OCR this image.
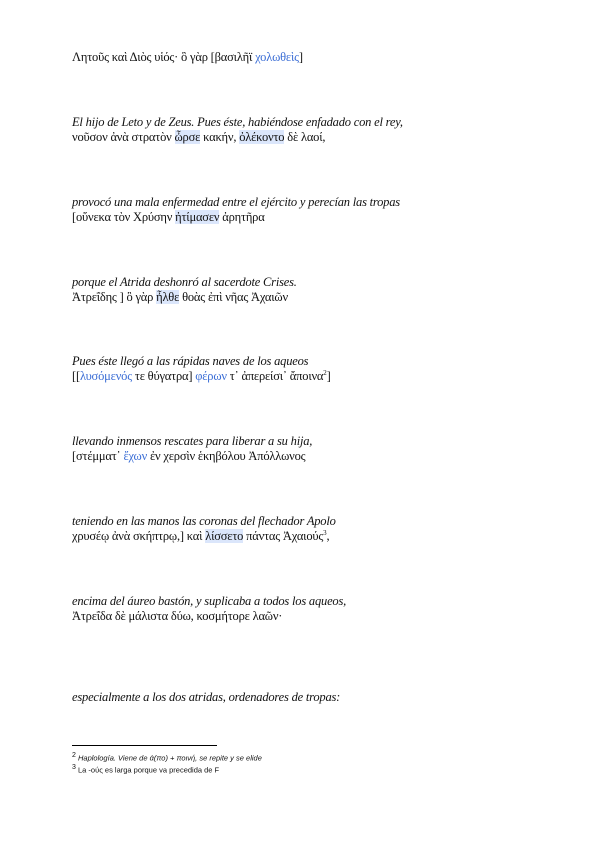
Λητοῦς καὶ Διὸς υἱός· ὃ γὰρ [βασιλῆϊ χολωθεὶς]
El hijo de Leto y de Zeus. Pues éste, habiéndose enfadado con el rey,
νοῦσον ἀνὰ στρατὸν ὦρσε κακήν, ὀλέκοντο δὲ λαοί,
provocó una mala enfermedad entre el ejército y perecían las tropas
[οὕνεκα τὸν Χρύσην ἠτίμασεν ἀρητῆρα
porque el Atrida deshonró al sacerdote Crises.
Ἀτρεΐδης ] ὃ γὰρ ἦλθε θοὰς ἐπὶ νῆας Ἀχαιῶν
Pues éste llegó a las rápidas naves de los aqueos
[[λυσόμενός τε θύγατρα] φέρων τ᾽ ἀπερείσι᾽ ἄποινα$^2$]
llevando inmensos rescates para liberar a su hija,
[στέμματ᾽ ἔχων ἐν χερσὶν ἑκηβόλου Ἀπόλλωνος
teniendo en las manos las coronas del flechador Apolo
χρυσέῳ ἀνὰ σκήπτρῳ,] καὶ λίσσετο πάντας Ἀχαιούς$^3$,
encima del áureo bastón, y suplicaba a todos los aqueos,
Ἀτρεΐδα δὲ μάλιστα δύω, κοσμήτορε λαῶν·
especialmente a los dos atridas, ordenadores de tropas:
2 Haplología. Viene de ἀ(πο) + ποινή, se repite y se elide
3 La -ούς es larga porque va precedida de F
